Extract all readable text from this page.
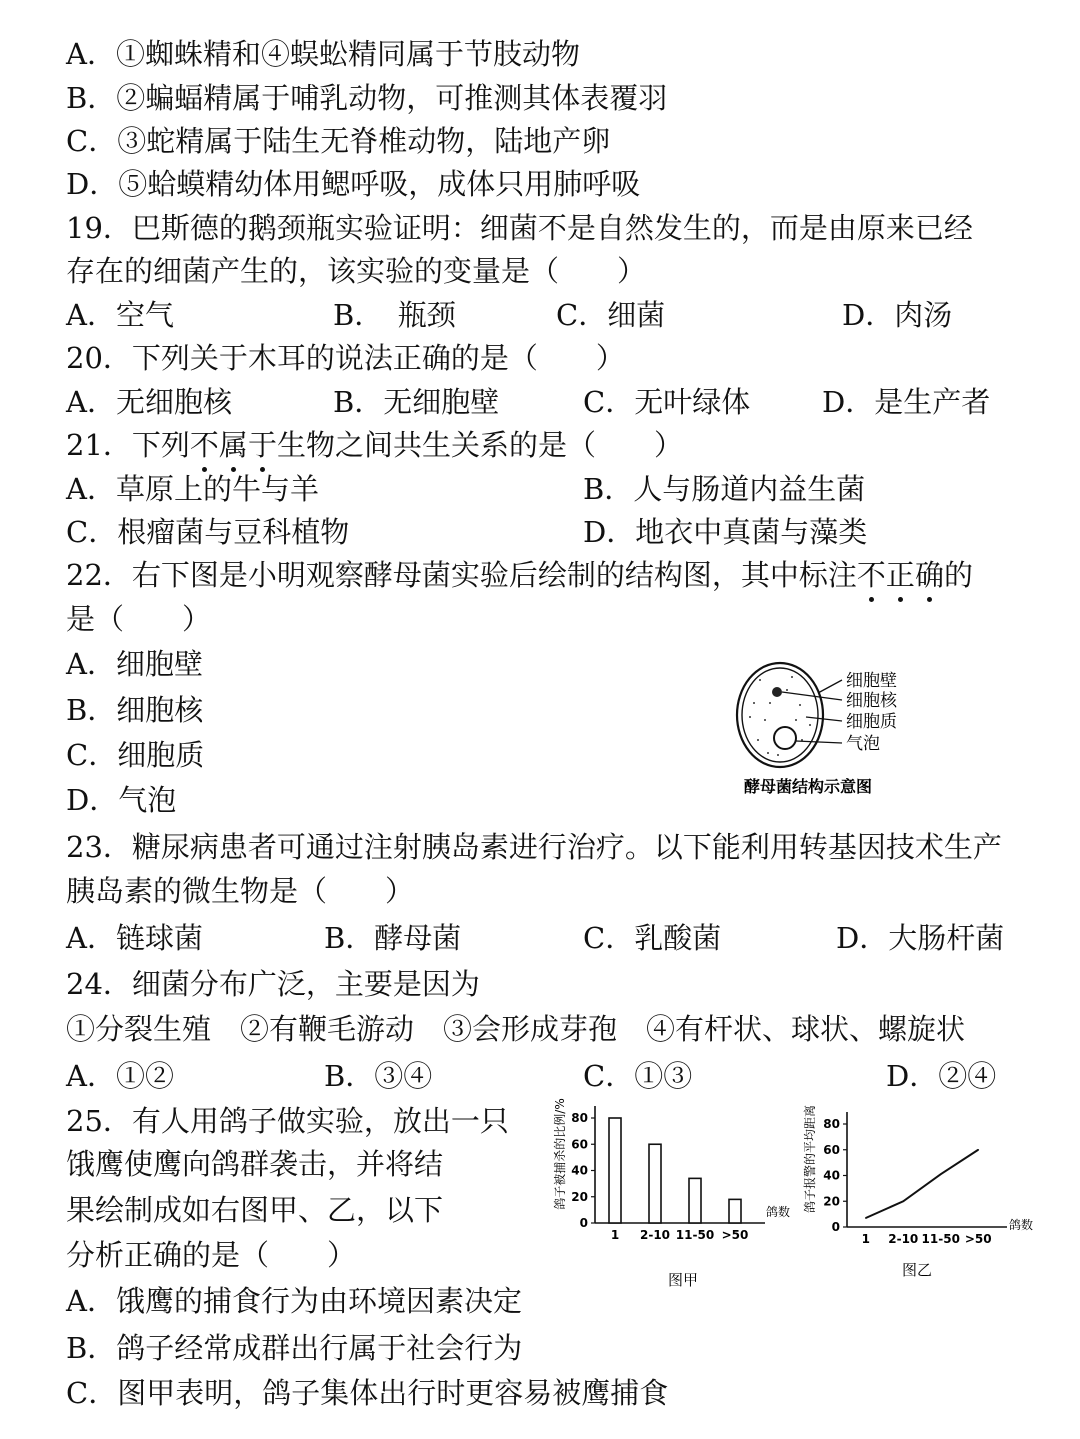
A．①蜘蛛精和④蜈蚣精同属于节肢动物
B．②蝙蝠精属于哺乳动物，可推测其体表覆羽
C．③蛇精属于陆生无脊椎动物，陆地产卵
D．⑤蛤蟆精幼体用鳃呼吸，成体只用肺呼吸
19．巴斯德的鹅颈瓶实验证明：细菌不是自然发生的，而是由原来已经
存在的细菌产生的，该实验的变量是（　　）
A．空气	B．　瓶颈	C．细菌	D．肉汤
20．下列关于木耳的说法正确的是（　　）
A．无细胞核	B．无细胞壁	C．无叶绿体 D．是生产者
21．下列不属于生物之间共生关系的是（　　）
A．草原上的牛与羊	B．人与肠道内益生菌
C．根瘤菌与豆科植物	D．地衣中真菌与藻类
22．右下图是小明观察酵母菌实验后绘制的结构图，其中标注不正确的
是（　　）
A．细胞壁
B．细胞核
C．细胞质
D．气泡
细胞壁
细胞核
细胞质
气泡
酵母菌结构示意图
23．糖尿病患者可通过注射胰岛素进行治疗。以下能利用转基因技术生产
胰岛素的微生物是（　　）
A．链球菌	B．酵母菌	C．乳酸菌	D．大肠杆菌
24．细菌分布广泛，主要是因为
①分裂生殖　②有鞭毛游动　③会形成芽孢　④有杆状、球状、螺旋状
A．①②	B．③④	C．①③	D．②④
25．有人用鸽子做实验，放出一只
饿鹰使鹰向鸽群袭击，并将结
果绘制成如右图甲、乙，以下
分析正确的是（　　）
A．饿鹰的捕食行为由环境因素决定
B．鸽子经常成群出行属于社会行为
C．图甲表明，鸽子集体出行时更容易被鹰捕食
鸽子被捕杀的比例/%
0
20
40
60
80
1 2-10 11-50 >50
鸽数
图甲
鸽子报警的平均距离
0
20
40
60
80
1 2-10 11-50 >50
鸽数
图乙
